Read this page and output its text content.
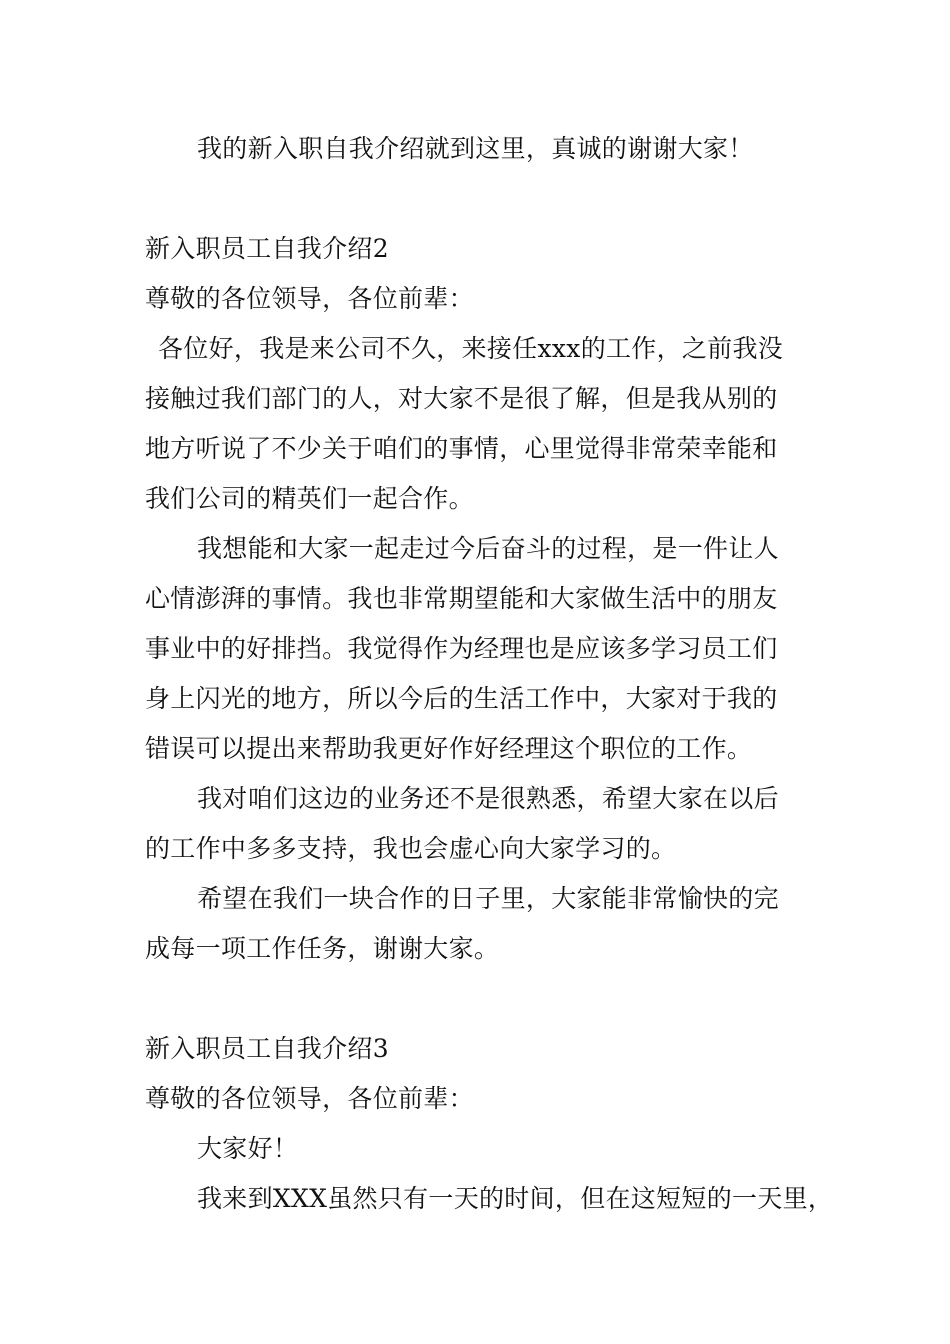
我的新入职自我介绍就到这里，真诚的谢谢大家！
新入职员工自我介绍2
尊敬的各位领导，各位前辈：
各位好，我是来公司不久，来接任xxx的工作，之前我没
接触过我们部门的人，对大家不是很了解，但是我从别的
地方听说了不少关于咱们的事情，心里觉得非常荣幸能和
我们公司的精英们一起合作。
我想能和大家一起走过今后奋斗的过程，是一件让人
心情澎湃的事情。我也非常期望能和大家做生活中的朋友
事业中的好排挡。我觉得作为经理也是应该多学习员工们
身上闪光的地方，所以今后的生活工作中，大家对于我的
错误可以提出来帮助我更好作好经理这个职位的工作。
我对咱们这边的业务还不是很熟悉，希望大家在以后
的工作中多多支持，我也会虚心向大家学习的。
希望在我们一块合作的日子里，大家能非常愉快的完
成每一项工作任务，谢谢大家。
新入职员工自我介绍3
尊敬的各位领导，各位前辈：
大家好！
我来到XXX虽然只有一天的时间，但在这短短的一天里，
